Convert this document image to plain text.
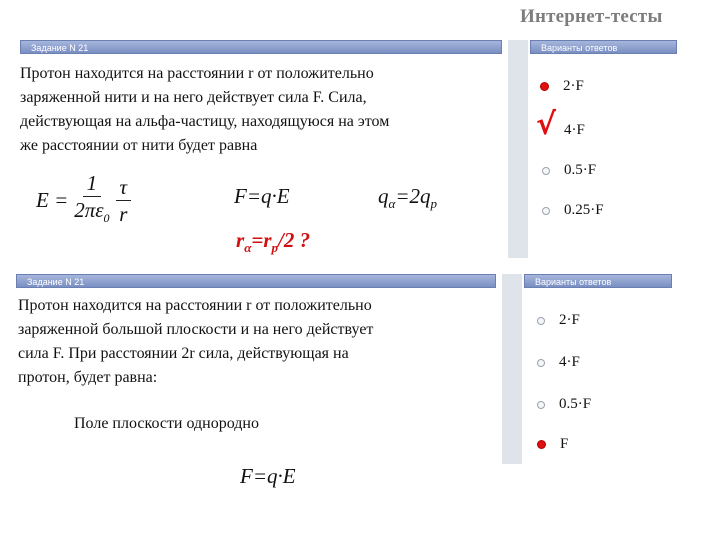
Интернет-тесты
Задание N 21	Варианты ответов
Протон находится на расстоянии r от положительно
заряженной нити и на него действует сила F. Сила,
действующая на альфа-частицу, находящуюся на этом
же расстоянии от нити будет равна
$E = \frac{1}{2\pi\varepsilon_0} \frac{\tau}{r}$	F=q·E	$q_\alpha=2q_p$
$r_\alpha=r_p/2$ ?
2·F
√ 4·F
0.5·F
0.25·F
Задание N 21	Варианты ответов
Протон находится на расстоянии r от положительно
заряженной большой плоскости и на него действует
сила F. При расстоянии 2r сила, действующая на
протон, будет равна:
Поле плоскости однородно
F=q·E
2·F
4·F
0.5·F
F
